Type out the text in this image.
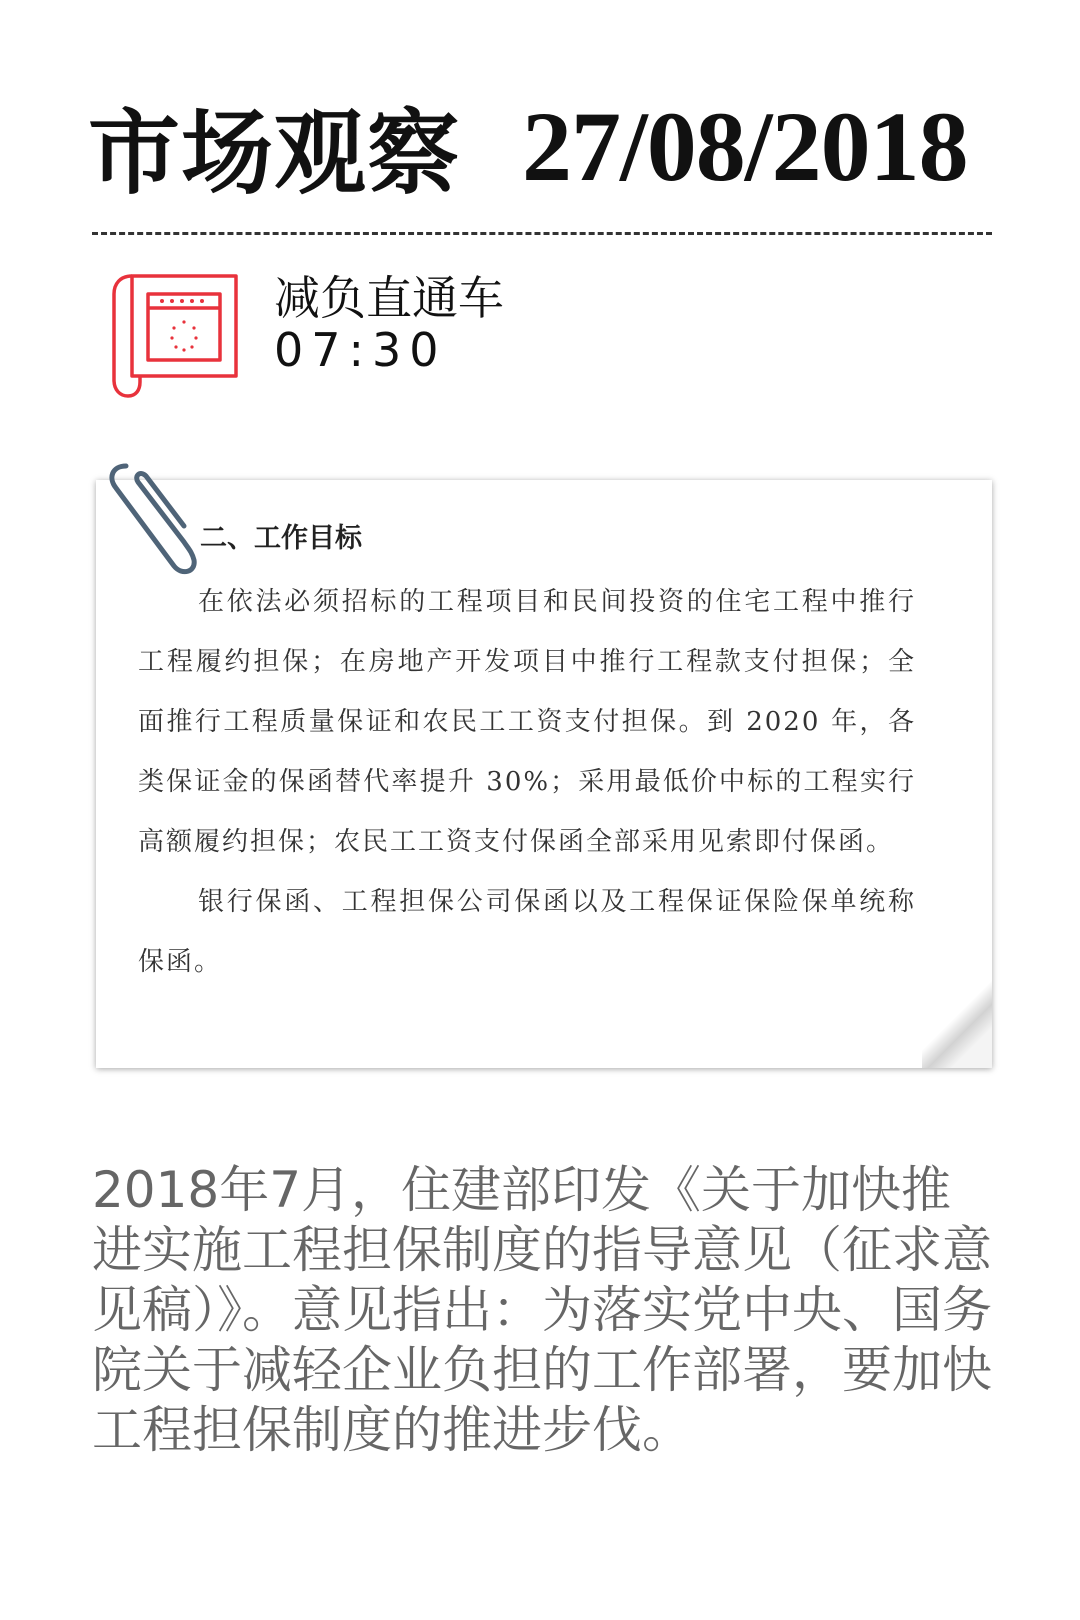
市场观察 27/08/2018
减负直通车
07:30
二、工作目标

在依法必须招标的工程项目和民间投资的住宅工程中推行工程履约担保；在房地产开发项目中推行工程款支付担保；全面推行工程质量保证和农民工工资支付担保。到 2020 年，各类保证金的保函替代率提升 30%；采用最低价中标的工程实行高额履约担保；农民工工资支付保函全部采用见索即付保函。

银行保函、工程担保公司保函以及工程保证保险保单统称保函。

2018年7月，住建部印发《关于加快推进实施工程担保制度的指导意见（征求意见稿）》。意见指出：为落实党中央、国务院关于减轻企业负担的工作部署，要加快工程担保制度的推进步伐。
